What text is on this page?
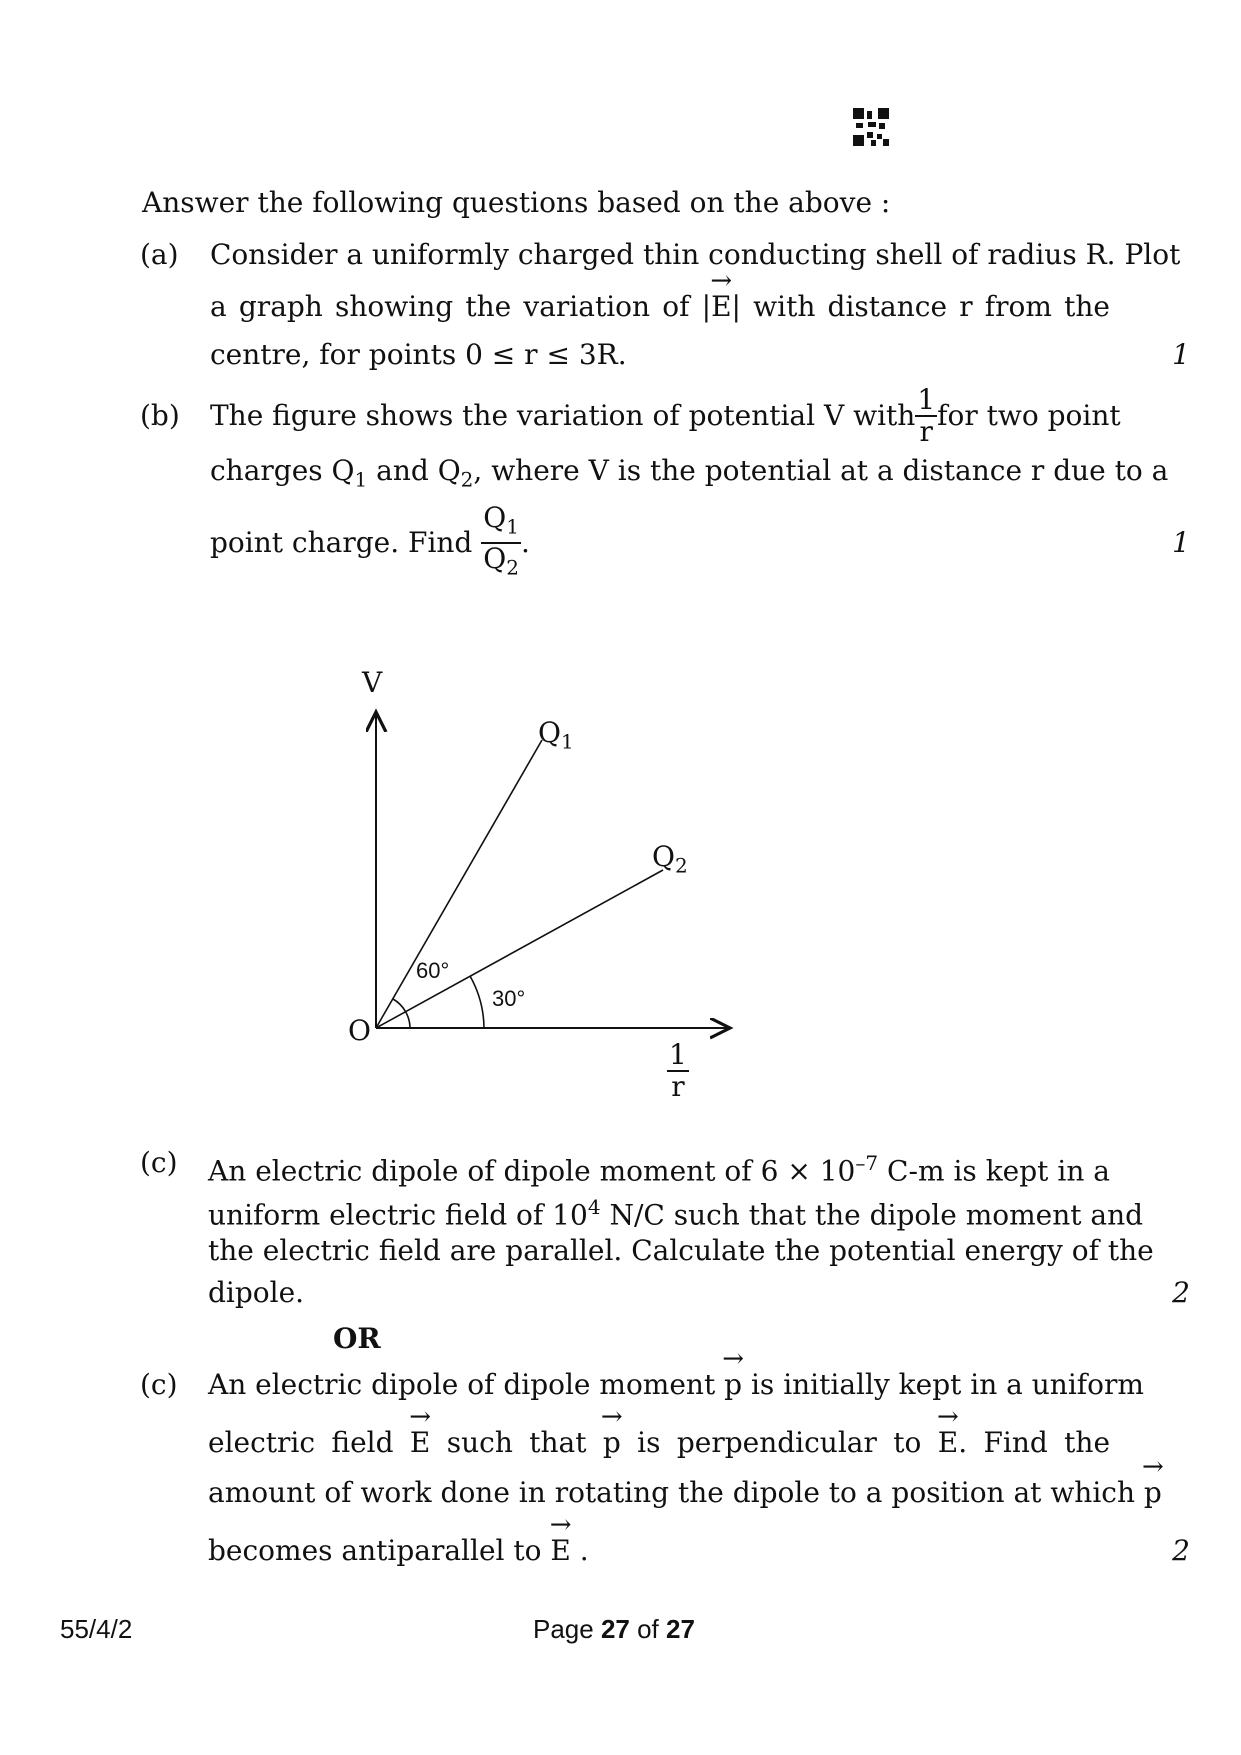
Answer the following questions based on the above :
(a) Consider a uniformly charged thin conducting shell of radius R. Plot
a graph showing the variation of |→ E| with distance r from the
centre, for points 0 ≤ r ≤ 3R.	1
(b) The figure shows the variation of potential V with $\frac{1}{r}$ for two point
charges $Q_1$ and $Q_2$, where V is the potential at a distance r due to a
point charge. Find
$\frac{Q_1}{Q_2}$ .	1
V
O
$Q_1$
$Q_2$
60°
30°
$\frac{1}{r}$
(c) An electric dipole of dipole moment of $6 \times 10^{-7}$ C-m is kept in a
uniform electric field of $10^4$ N/C such that the dipole moment and
the electric field are parallel. Calculate the potential energy of the
dipole.	2
OR
(c) An electric dipole of dipole moment → p is initially kept in a uniform
electric field → E such that → p is perpendicular to → E. Find the
amount of work done in rotating the dipole to a position at which → p
becomes antiparallel to → E .	2
55/4/2	Page 27 of 27
